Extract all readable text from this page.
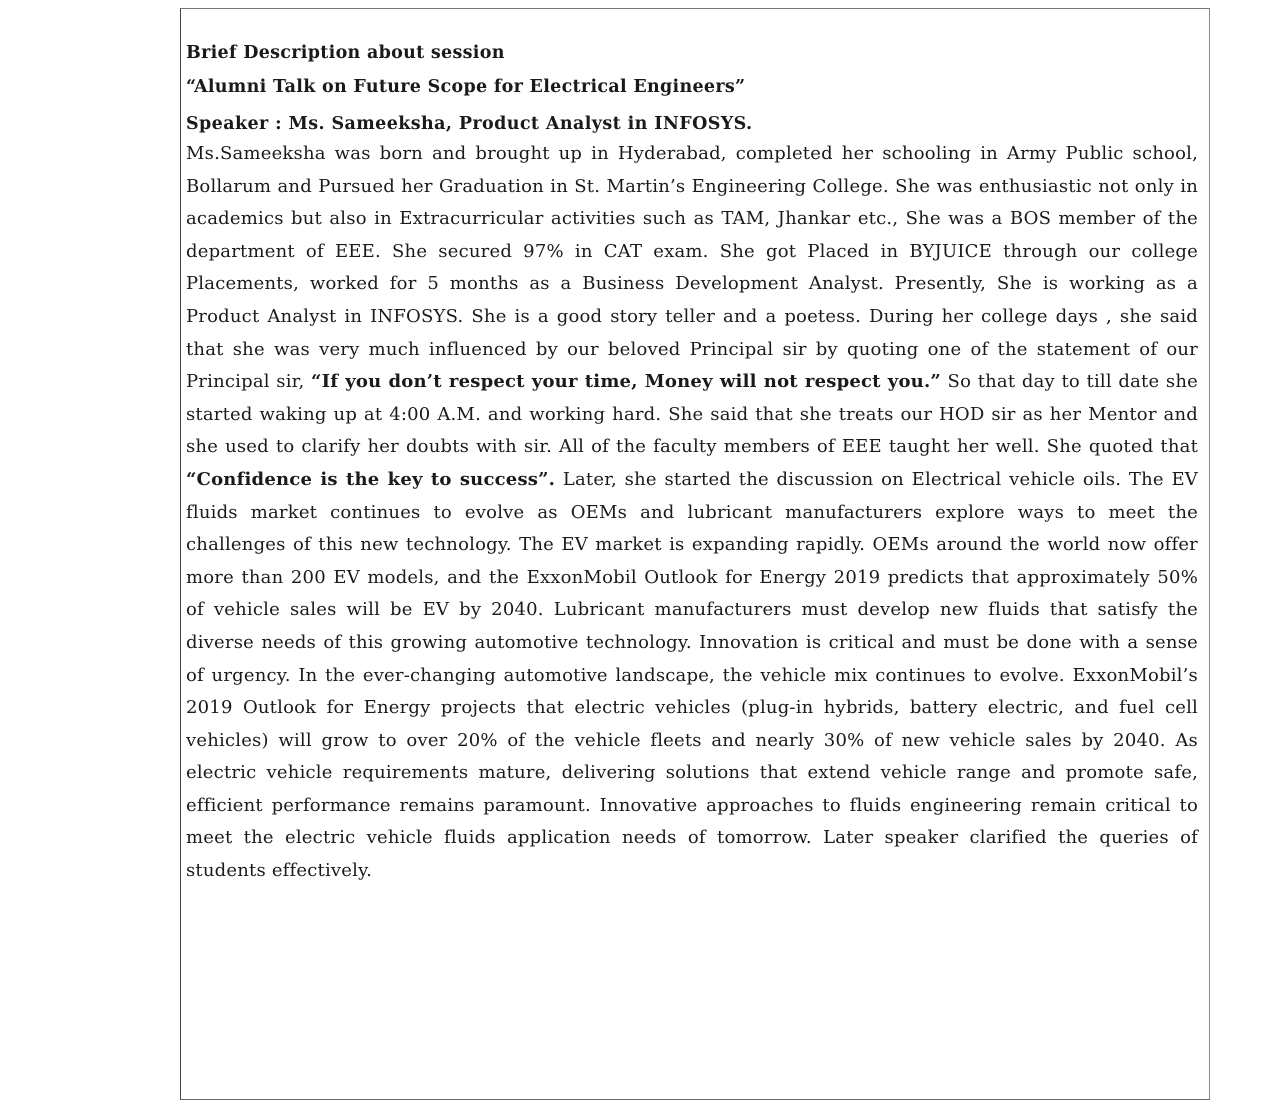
Brief Description about session

“Alumni Talk on Future Scope for Electrical Engineers”

Speaker : Ms. Sameeksha, Product Analyst in INFOSYS.

Ms.Sameeksha was born and brought up in Hyderabad, completed her schooling in Army Public school, Bollarum and Pursued her Graduation in St. Martin’s Engineering College. She was enthusiastic not only in academics but also in Extracurricular activities such as TAM, Jhankar etc., She was a BOS member of the department of EEE. She secured 97% in CAT exam. She got Placed in BYJUICE through our college Placements, worked for 5 months as a Business Development Analyst. Presently, She is working as a Product Analyst in INFOSYS. She is a good story teller and a poetess. During her college days , she said that she was very much influenced by our beloved Principal sir by quoting one of the statement of our Principal sir, “If you don’t respect your time, Money will not respect you.” So that day to till date she started waking up at 4:00 A.M. and working hard. She said that she treats our HOD sir as her Mentor and she used to clarify her doubts with sir. All of the faculty members of EEE taught her well. She quoted that “Confidence is the key to success”. Later, she started the discussion on Electrical vehicle oils. The EV fluids market continues to evolve as OEMs and lubricant manufacturers explore ways to meet the challenges of this new technology. The EV market is expanding rapidly. OEMs around the world now offer more than 200 EV models, and the ExxonMobil Outlook for Energy 2019 predicts that approximately 50% of vehicle sales will be EV by 2040. Lubricant manufacturers must develop new fluids that satisfy the diverse needs of this growing automotive technology. Innovation is critical and must be done with a sense of urgency. In the ever-changing automotive landscape, the vehicle mix continues to evolve. ExxonMobil’s 2019 Outlook for Energy projects that electric vehicles (plug-in hybrids, battery electric, and fuel cell vehicles) will grow to over 20% of the vehicle fleets and nearly 30% of new vehicle sales by 2040. As electric vehicle requirements mature, delivering solutions that extend vehicle range and promote safe, efficient performance remains paramount. Innovative approaches to fluids engineering remain critical to meet the electric vehicle fluids application needs of tomorrow. Later speaker clarified the queries of students effectively.
